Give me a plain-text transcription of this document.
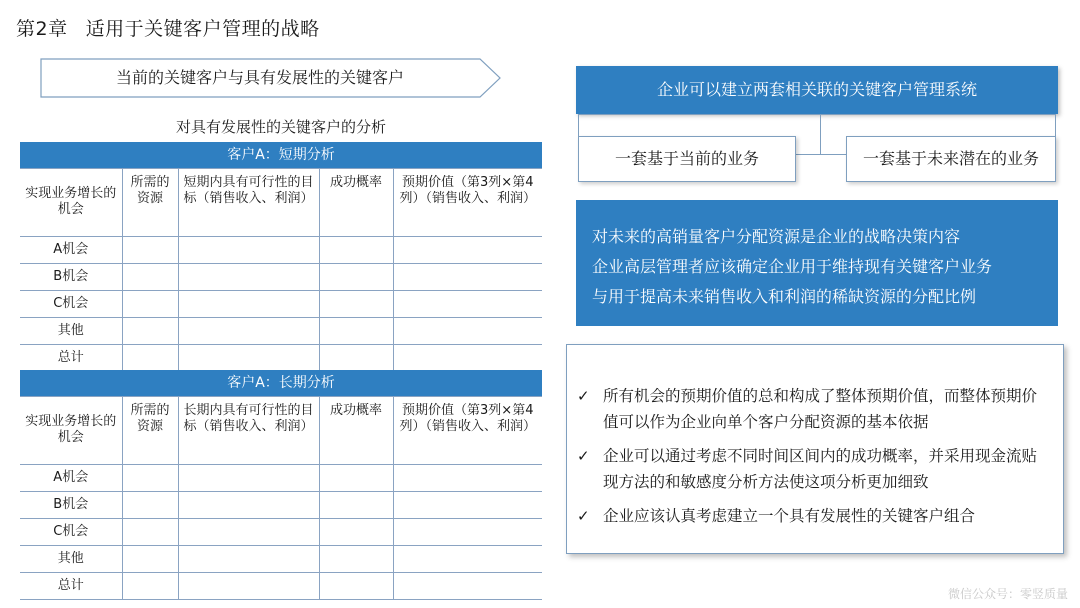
第2章 适用于关键客户管理的战略
当前的关键客户与具有发展性的关键客户
对具有发展性的关键客户的分析
客户A：短期分析				
实现业务增长的机会	所需的资源	短期内具有可行性的目标（销售收入、利润）	成功概率	预期价值（第3列×第4列）（销售收入、利润）
A机会				
B机会				
C机会				
其他				
总计				
客户A：长期分析				
实现业务增长的机会	所需的资源	长期内具有可行性的目标（销售收入、利润）	成功概率	预期价值（第3列×第4列）（销售收入、利润）
A机会				
B机会				
C机会				
其他				
总计				
企业可以建立两套相关联的关键客户管理系统
一套基于当前的业务	一套基于未来潜在的业务
对未来的高销量客户分配资源是企业的战略决策内容
企业高层管理者应该确定企业用于维持现有关键客户业务
与用于提高未来销售收入和利润的稀缺资源的分配比例
✓ 所有机会的预期价值的总和构成了整体预期价值，而整体预期价值可以作为企业向单个客户分配资源的基本依据
✓ 企业可以通过考虑不同时间区间内的成功概率，并采用现金流贴现方法的和敏感度分析方法使这项分析更加细致
✓ 企业应该认真考虑建立一个具有发展性的关键客户组合
微信公众号：零竖质量
